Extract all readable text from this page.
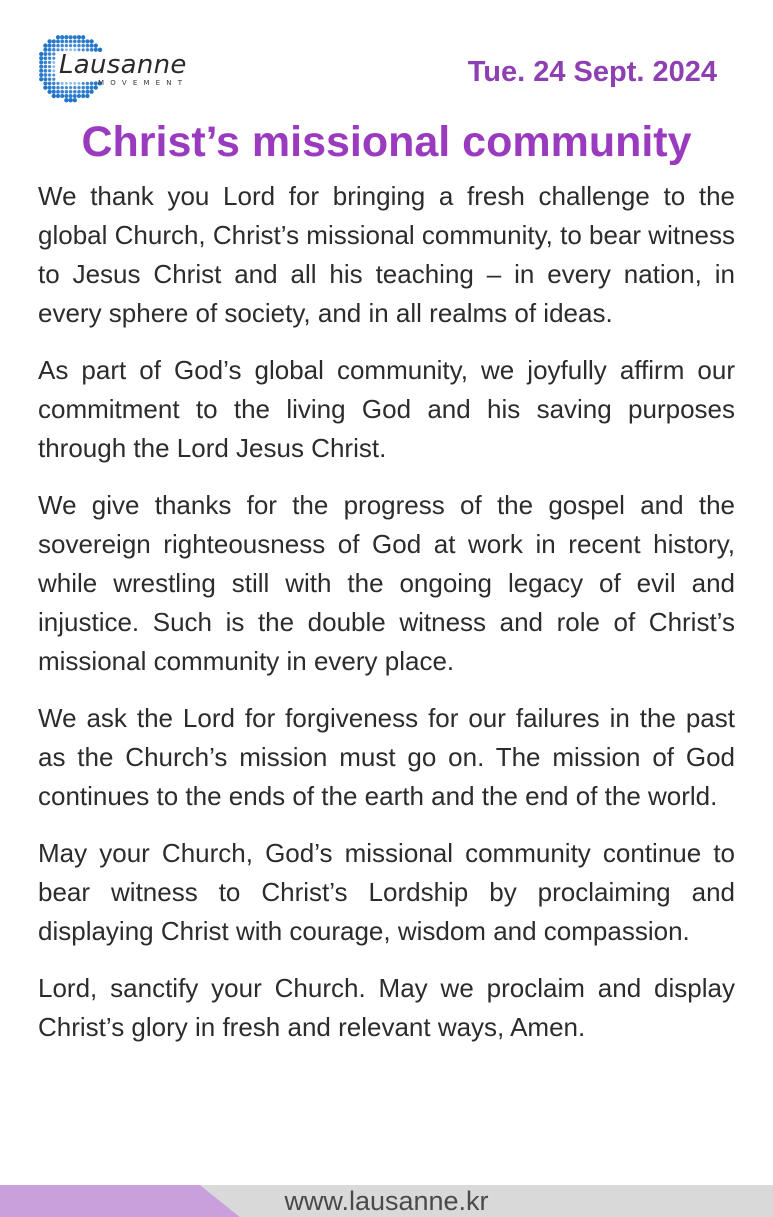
Lausanne
MOVEMENT	Tue. 24 Sept. 2024
Christ’s missional community

We thank you Lord for bringing a fresh challenge to the global Church, Christ’s missional community, to bear witness to Jesus Christ and all his teaching – in every nation, in every sphere of society, and in all realms of ideas.

As part of God’s global community, we joyfully affirm our commitment to the living God and his saving purposes through the Lord Jesus Christ.

We give thanks for the progress of the gospel and the sovereign righteousness of God at work in recent history, while wrestling still with the ongoing legacy of evil and injustice. Such is the double witness and role of Christ’s missional community in every place.

We ask the Lord for forgiveness for our failures in the past as the Church’s mission must go on. The mission of God continues to the ends of the earth and the end of the world.

May your Church, God’s missional community continue to bear witness to Christ’s Lordship by proclaiming and displaying Christ with courage, wisdom and compassion.

Lord, sanctify your Church. May we proclaim and display Christ’s glory in fresh and relevant ways, Amen.

www.lausanne.kr
